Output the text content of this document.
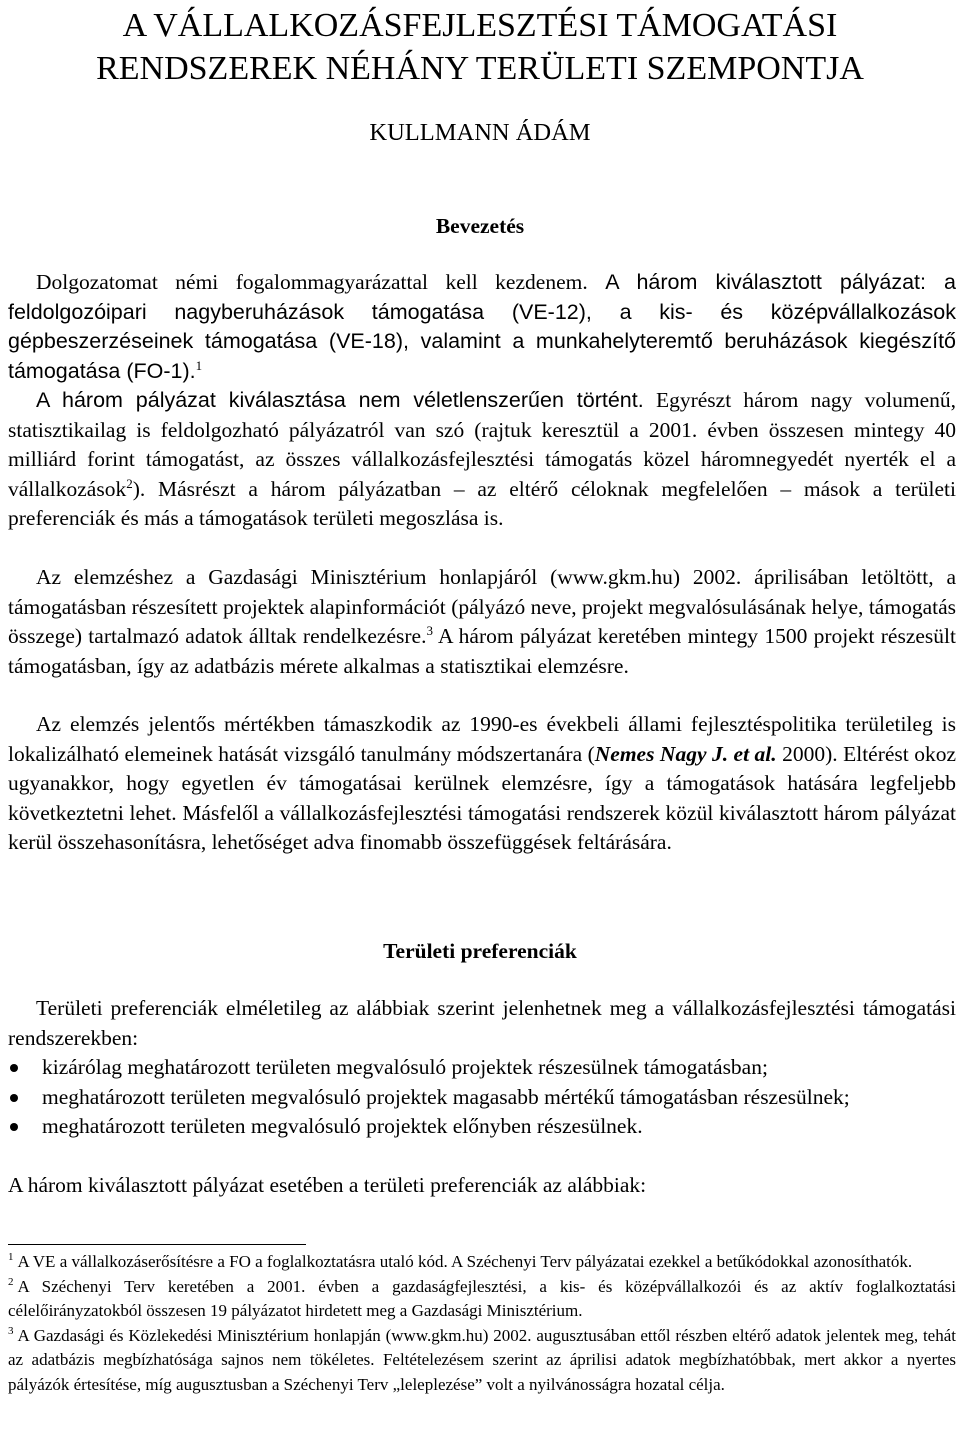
A VÁLLALKOZÁSFEJLESZTÉSI TÁMOGATÁSI
RENDSZEREK NÉHÁNY TERÜLETI SZEMPONTJA
KULLMANN ÁDÁM
Bevezetés

Dolgozatomat némi fogalommagyarázattal kell kezdenem. A három kiválasztott pályázat: a feldolgozóipari nagyberuházások támogatása (VE-12), a kis- és középvállalkozások gépbeszerzéseinek támogatása (VE-18), valamint a munkahelyteremtő beruházások kiegészítő támogatása (FO-1).$^1$

A három pályázat kiválasztása nem véletlenszerűen történt. Egyrészt három nagy volumenű, statisztikailag is feldolgozható pályázatról van szó (rajtuk keresztül a 2001. évben összesen mintegy 40 milliárd forint támogatást, az összes vállalkozásfejlesztési támogatás közel háromnegyedét nyerték el a vállalkozások$^2$). Másrészt a három pályázatban – az eltérő céloknak megfelelően – mások a területi preferenciák és más a támogatások területi megoszlása is.

Az elemzéshez a Gazdasági Minisztérium honlapjáról (www.gkm.hu) 2002. áprilisában letöltött, a támogatásban részesített projektek alapinformációt (pályázó neve, projekt megvalósulásának helye, támogatás összege) tartalmazó adatok álltak rendelkezésre.$^3$ A három pályázat keretében mintegy 1500 projekt részesült támogatásban, így az adatbázis mérete alkalmas a statisztikai elemzésre.

Az elemzés jelentős mértékben támaszkodik az 1990-es évekbeli állami fejlesztéspolitika területileg is lokalizálható elemeinek hatását vizsgáló tanulmány módszertanára (Nemes Nagy J. et al. 2000). Eltérést okoz ugyanakkor, hogy egyetlen év támogatásai kerülnek elemzésre, így a támogatások hatására legfeljebb következtetni lehet. Másfelől a vállalkozásfejlesztési támogatási rendszerek közül kiválasztott három pályázat kerül összehasonításra, lehetőséget adva finomabb összefüggések feltárására.

Területi preferenciák

Területi preferenciák elméletileg az alábbiak szerint jelenhetnek meg a vállalkozásfejlesztési támogatási rendszerekben:

kizárólag meghatározott területen megvalósuló projektek részesülnek támogatásban;
meghatározott területen megvalósuló projektek magasabb mértékű támogatásban részesülnek;
meghatározott területen megvalósuló projektek előnyben részesülnek.

A három kiválasztott pályázat esetében a területi preferenciák az alábbiak:

$^1$ A VE a vállalkozáserősítésre a FO a foglalkoztatásra utaló kód. A Széchenyi Terv pályázatai ezekkel a betűkódokkal azonosíthatók.

$^2$ A Széchenyi Terv keretében a 2001. évben a gazdaságfejlesztési, a kis- és középvállalkozói és az aktív foglalkoztatási célelőirányzatokból összesen 19 pályázatot hirdetett meg a Gazdasági Minisztérium.

$^3$ A Gazdasági és Közlekedési Minisztérium honlapján (www.gkm.hu) 2002. augusztusában ettől részben eltérő adatok jelentek meg, tehát az adatbázis megbízhatósága sajnos nem tökéletes. Feltételezésem szerint az áprilisi adatok megbízhatóbbak, mert akkor a nyertes pályázók értesítése, míg augusztusban a Széchenyi Terv „leleplezése” volt a nyilvánosságra hozatal célja.
